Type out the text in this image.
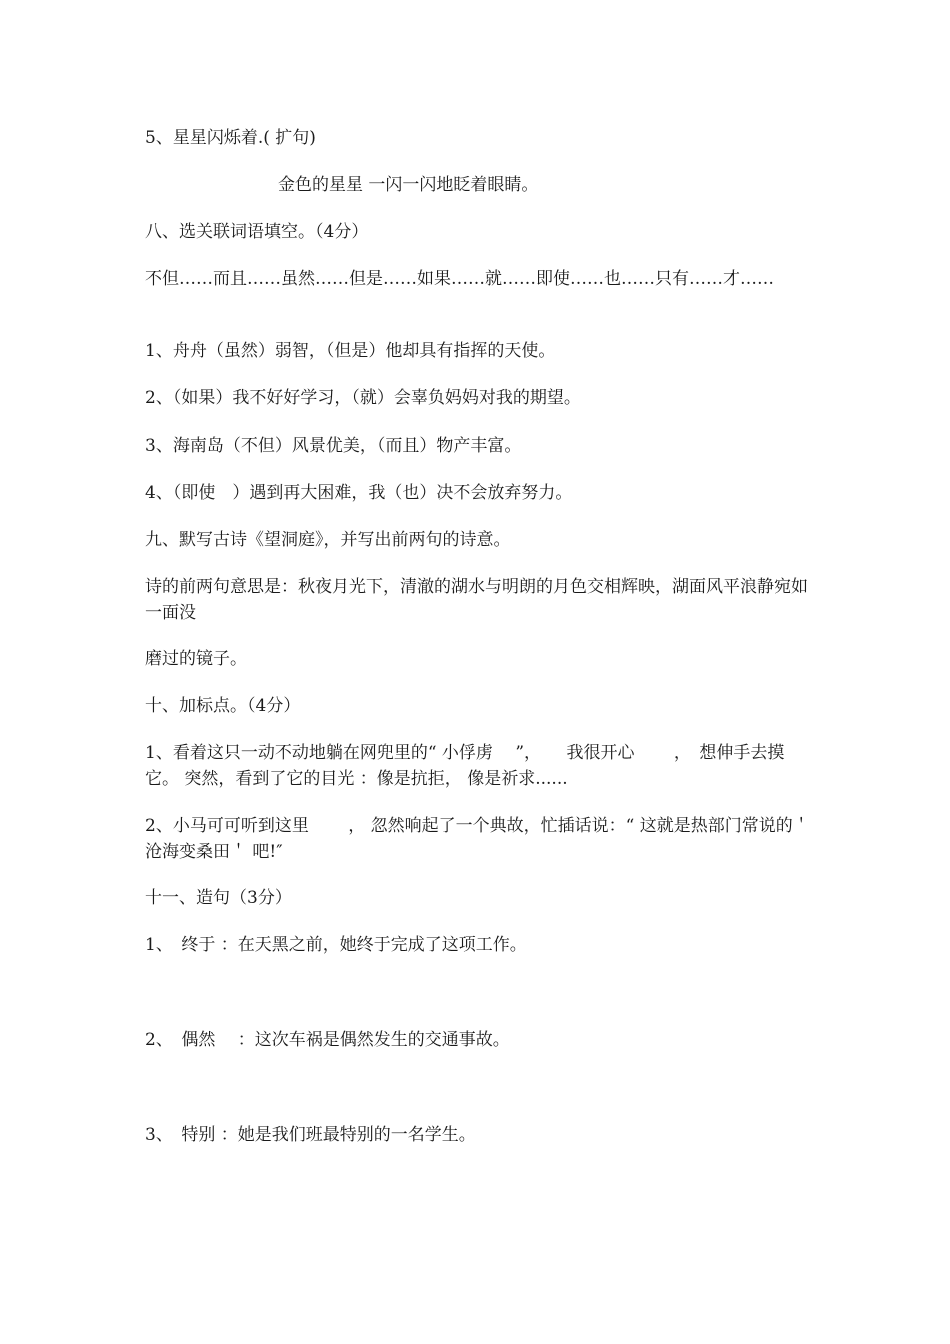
5、星星闪烁着.( 扩句)
金色的星星 一闪一闪地眨着眼睛。
八、选关联词语填空。（4分）
不但……而且……虽然……但是……如果……就……即使……也……只有……才……
1、舟舟（虽然）弱智，（但是）他却具有指挥的天使。
2、（如果）我不好好学习，（就）会辜负妈妈对我的期望。
3、海南岛（不但）风景优美，（而且）物产丰富。
4、（即使　）遇到再大困难，我（也）决不会放弃努力。
九、默写古诗《望洞庭》，并写出前两句的诗意。
诗的前两句意思是：秋夜月光下，清澈的湖水与明朗的月色交相辉映，湖面风平浪静宛如一面没
磨过的镜子。
十、加标点。（4分）
1、看着这只一动不动地躺在网兜里的“ 小俘虏　 ”，　　我很开心　　 ，　想伸手去摸它。 突然，看到了它的目光 ：像是抗拒， 像是祈求......
2、小马可可听到这里　　 ， 忽然响起了一个典故，忙插话说：“ 这就是热部门常说的＇沧海变桑田＇ 吧!″
十一、造句（3分）
1、　终于 ：在天黑之前，她终于完成了这项工作。
2、　偶然　 ：这次车祸是偶然发生的交通事故。
3、　特别 ：她是我们班最特别的一名学生。
